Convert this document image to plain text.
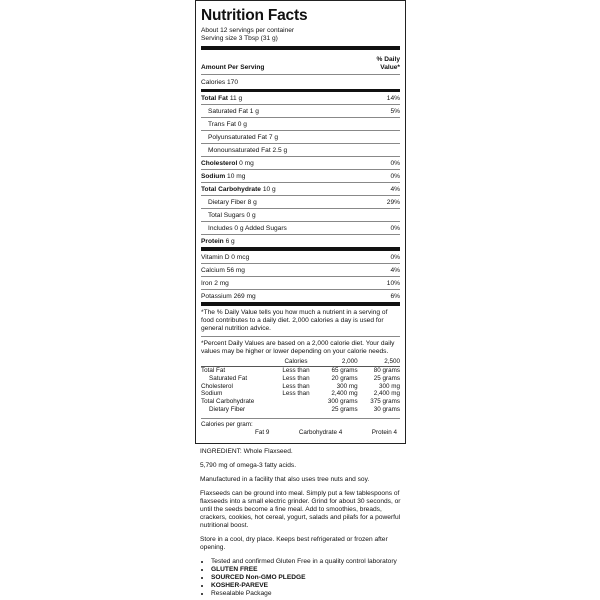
Nutrition Facts
About 12 servings per container
Serving size 3 Tbsp (31 g)
Amount Per Serving
% Daily
Value*
Calories 170
Total Fat 11 g	14%
Saturated Fat 1 g	5%
Trans Fat 0 g
Polyunsaturated Fat 7 g
Monounsaturated Fat 2.5 g
Cholesterol 0 mg	0%
Sodium 10 mg	0%
Total Carbohydrate 10 g	4%
Dietary Fiber 8 g	29%
Total Sugars 0 g
Includes 0 g Added Sugars	0%
Protein 6 g
Vitamin D 0 mcg	0%
Calcium 56 mg	4%
Iron 2 mg	10%
Potassium 269 mg	6%
*The % Daily Value tells you how much a nutrient in a serving of food contributes to a daily diet. 2,000 calories a day is used for general nutrition advice.
*Percent Daily Values are based on a 2,000 calorie diet. Your daily values may be higher or lower depending on your calorie needs.
	Calories	2,000	2,500
Total Fat	Less than	65 grams	80 grams
Saturated Fat	Less than	20 grams	25 grams
Cholesterol	Less than	300 mg	300 mg
Sodium	Less than	2,400 mg	2,400 mg
Total Carbohydrate		300 grams	375 grams
Dietary Fiber		25 grams	30 grams
Calories per gram:
Fat 9	Carbohydrate 4	Protein 4

INGREDIENT: Whole Flaxseed.

5,790 mg of omega-3 fatty acids.

Manufactured in a facility that also uses tree nuts and soy.

Flaxseeds can be ground into meal. Simply put a few tablespoons of flaxseeds into a small electric grinder. Grind for about 30 seconds, or until the seeds become a fine meal. Add to smoothies, breads, crackers, cookies, hot cereal, yogurt, salads and pilafs for a powerful nutritional boost.

Store in a cool, dry place. Keeps best refrigerated or frozen after opening.

• Tested and confirmed Gluten Free in a quality control laboratory
• GLUTEN FREE
• SOURCED Non-GMO PLEDGE
• KOSHER-PAREVE
• Resealable Package
